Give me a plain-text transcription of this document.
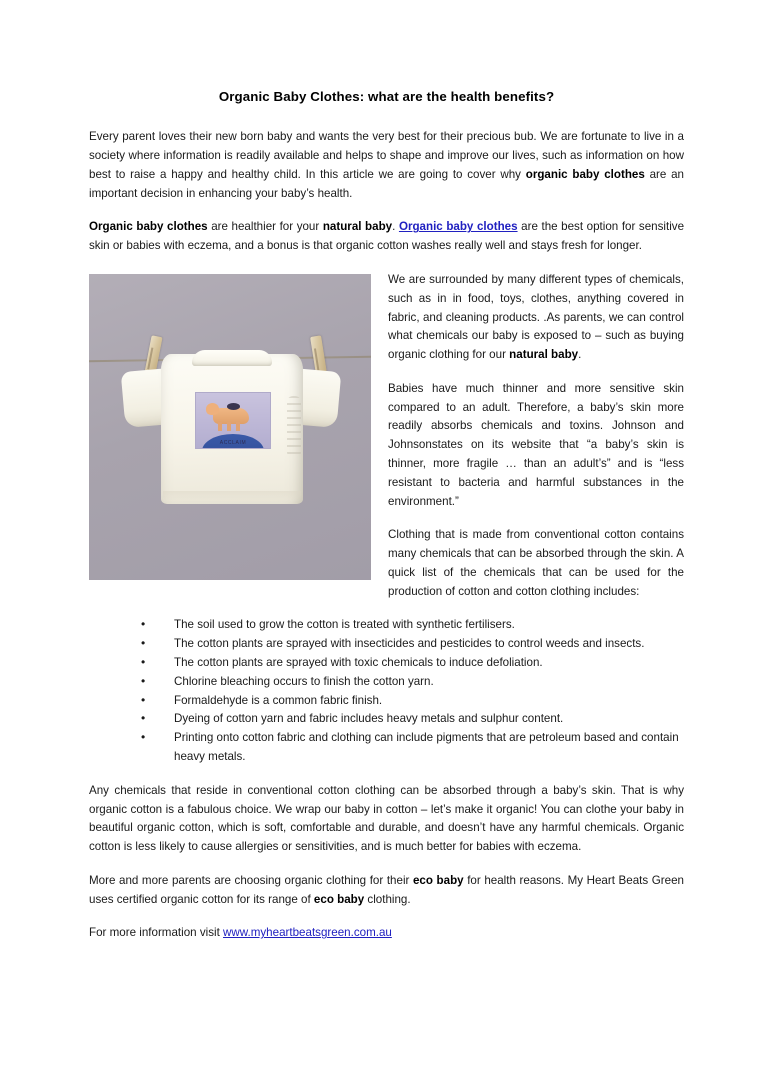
Organic Baby Clothes: what are the health benefits?

Every parent loves their new born baby and wants the very best for their precious bub. We are fortunate to live in a society where information is readily available and helps to shape and improve our lives, such as information on how best to raise a happy and healthy child. In this article we are going to cover why organic baby clothes are an important decision in enhancing your baby’s health.

Organic baby clothes are healthier for your natural baby. Organic baby clothes are the best option for sensitive skin or babies with eczema, and a bonus is that organic cotton washes really well and stays fresh for longer.

ACCLAIM

We are surrounded by many different types of chemicals, such as in in food, toys, clothes, anything covered in fabric, and cleaning products. .As parents, we can control what chemicals our baby is exposed to – such as buying organic clothing for our natural baby.

Babies have much thinner and more sensitive skin compared to an adult. Therefore, a baby’s skin more readily absorbs chemicals and toxins. Johnson and Johnsonstates on its website that “a baby’s skin is thinner, more fragile … than an adult’s” and is “less resistant to bacteria and harmful substances in the environment.”

Clothing that is made from conventional cotton contains many chemicals that can be absorbed through the skin. A quick list of the chemicals that can be used for the production of cotton and cotton clothing includes:

• The soil used to grow the cotton is treated with synthetic fertilisers.
• The cotton plants are sprayed with insecticides and pesticides to control weeds and insects.
• The cotton plants are sprayed with toxic chemicals to induce defoliation.
• Chlorine bleaching occurs to finish the cotton yarn.
• Formaldehyde is a common fabric finish.
• Dyeing of cotton yarn and fabric includes heavy metals and sulphur content.
• Printing onto cotton fabric and clothing can include pigments that are petroleum based and contain heavy metals.

Any chemicals that reside in conventional cotton clothing can be absorbed through a baby’s skin. That is why organic cotton is a fabulous choice. We wrap our baby in cotton – let’s make it organic! You can clothe your baby in beautiful organic cotton, which is soft, comfortable and durable, and doesn’t have any harmful chemicals. Organic cotton is less likely to cause allergies or sensitivities, and is much better for babies with eczema.

More and more parents are choosing organic clothing for their eco baby for health reasons. My Heart Beats Green uses certified organic cotton for its range of eco baby clothing.

For more information visit www.myheartbeatsgreen.com.au
